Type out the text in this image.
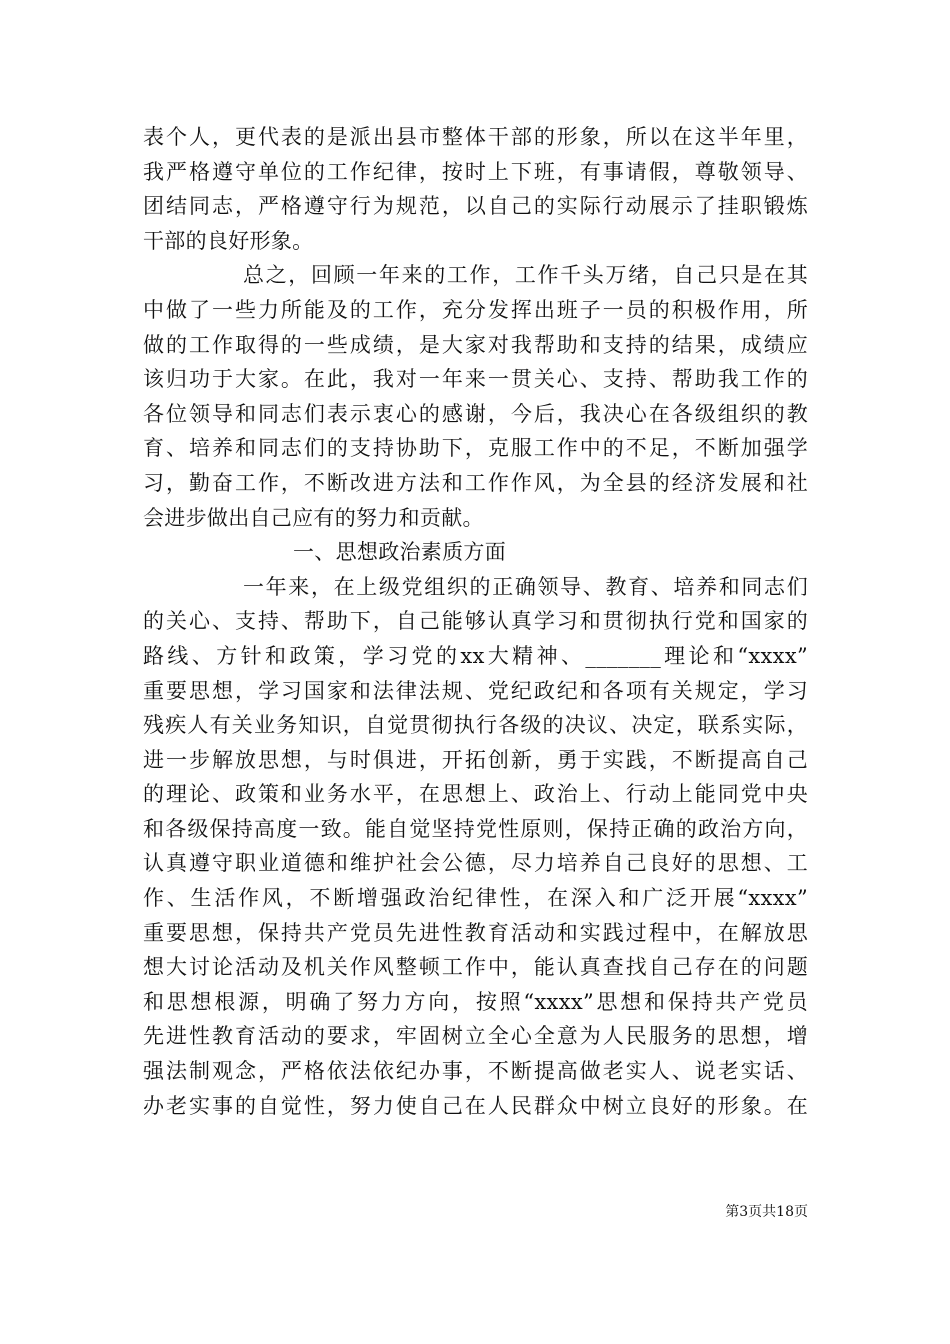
表个人，更代表的是派出县市整体干部的形象，所以在这半年里，
我严格遵守单位的工作纪律，按时上下班，有事请假，尊敬领导、
团结同志，严格遵守行为规范，以自己的实际行动展示了挂职锻炼
干部的良好形象。
总之，回顾一年来的工作，工作千头万绪，自己只是在其
中做了一些力所能及的工作，充分发挥出班子一员的积极作用，所
做的工作取得的一些成绩，是大家对我帮助和支持的结果，成绩应
该归功于大家。在此，我对一年来一贯关心、支持、帮助我工作的
各位领导和同志们表示衷心的感谢，今后，我决心在各级组织的教
育、培养和同志们的支持协助下，克服工作中的不足，不断加强学
习，勤奋工作，不断改进方法和工作作风，为全县的经济发展和社
会进步做出自己应有的努力和贡献。
一、思想政治素质方面
一年来，在上级党组织的正确领导、教育、培养和同志们
的关心、支持、帮助下，自己能够认真学习和贯彻执行党和国家的
路线、方针和政策，学习党的xx大精神、_______理论和“xxxx”
重要思想，学习国家和法律法规、党纪政纪和各项有关规定，学习
残疾人有关业务知识，自觉贯彻执行各级的决议、决定，联系实际，
进一步解放思想，与时俱进，开拓创新，勇于实践，不断提高自己
的理论、政策和业务水平，在思想上、政治上、行动上能同党中央
和各级保持高度一致。能自觉坚持党性原则，保持正确的政治方向，
认真遵守职业道德和维护社会公德，尽力培养自己良好的思想、工
作、生活作风，不断增强政治纪律性，在深入和广泛开展“xxxx”
重要思想，保持共产党员先进性教育活动和实践过程中，在解放思
想大讨论活动及机关作风整顿工作中，能认真查找自己存在的问题
和思想根源，明确了努力方向，按照“xxxx”思想和保持共产党员
先进性教育活动的要求，牢固树立全心全意为人民服务的思想，增
强法制观念，严格依法依纪办事，不断提高做老实人、说老实话、
办老实事的自觉性，努力使自己在人民群众中树立良好的形象。在
第3页共18页
